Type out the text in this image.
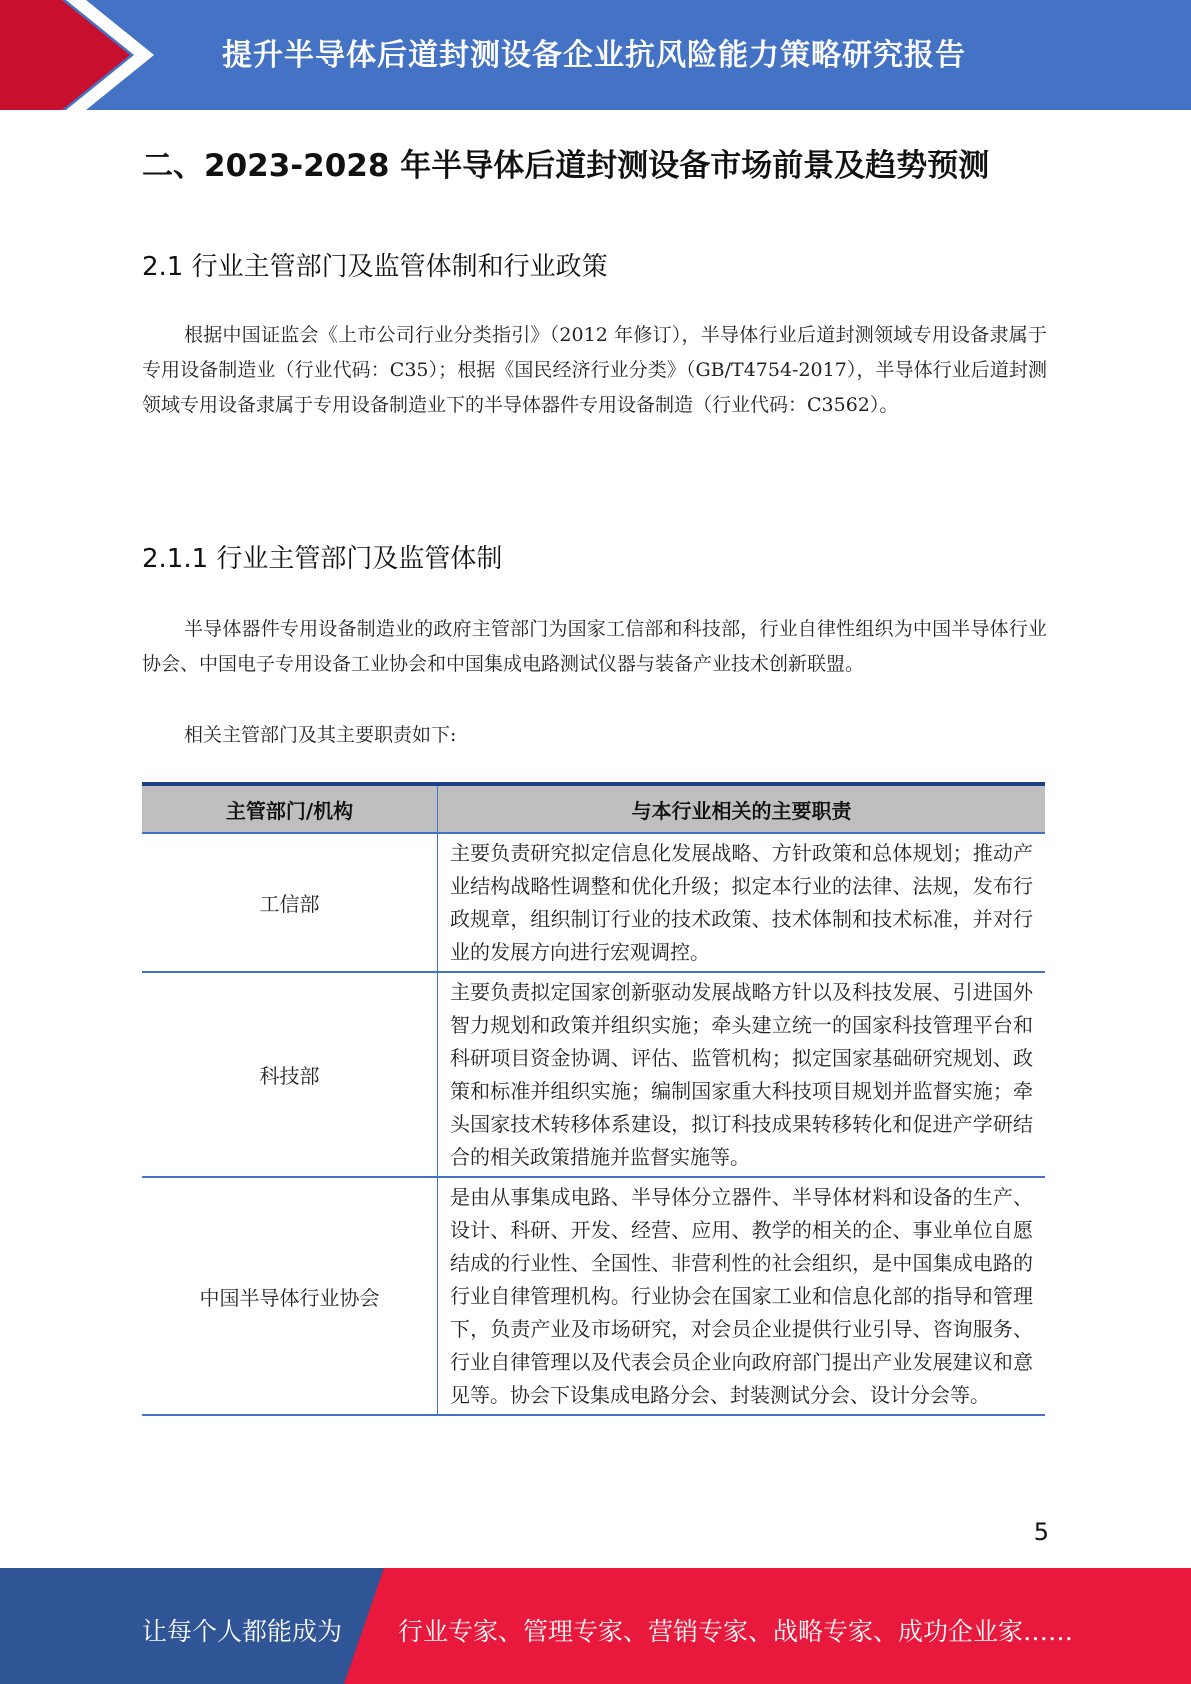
提升半导体后道封测设备企业抗风险能力策略研究报告
二、2023-2028 年半导体后道封测设备市场前景及趋势预测
2.1 行业主管部门及监管体制和行业政策
根据中国证监会《上市公司行业分类指引》（2012 年修订），半导体行业后道封测领域专用设备隶属于专用设备制造业（行业代码：C35）；根据《国民经济行业分类》（GB/T4754-2017），半导体行业后道封测领域专用设备隶属于专用设备制造业下的半导体器件专用设备制造（行业代码：C3562）。
2.1.1 行业主管部门及监管体制
半导体器件专用设备制造业的政府主管部门为国家工信部和科技部，行业自律性组织为中国半导体行业协会、中国电子专用设备工业协会和中国集成电路测试仪器与装备产业技术创新联盟。
相关主管部门及其主要职责如下:
主管部门/机构	与本行业相关的主要职责
工信部	主要负责研究拟定信息化发展战略、方针政策和总体规划；推动产业结构战略性调整和优化升级；拟定本行业的法律、法规，发布行政规章，组织制订行业的技术政策、技术体制和技术标准，并对行业的发展方向进行宏观调控。
科技部	主要负责拟定国家创新驱动发展战略方针以及科技发展、引进国外智力规划和政策并组织实施；牵头建立统一的国家科技管理平台和科研项目资金协调、评估、监管机构；拟定国家基础研究规划、政策和标准并组织实施；编制国家重大科技项目规划并监督实施；牵头国家技术转移体系建设，拟订科技成果转移转化和促进产学研结合的相关政策措施并监督实施等。
中国半导体行业协会	是由从事集成电路、半导体分立器件、半导体材料和设备的生产、设计、科研、开发、经营、应用、教学的相关的企、事业单位自愿结成的行业性、全国性、非营利性的社会组织，是中国集成电路的行业自律管理机构。行业协会在国家工业和信息化部的指导和管理下，负责产业及市场研究，对会员企业提供行业引导、咨询服务、行业自律管理以及代表会员企业向政府部门提出产业发展建议和意见等。协会下设集成电路分会、封装测试分会、设计分会等。
5
让每个人都能成为 行业专家、管理专家、营销专家、战略专家、成功企业家……
